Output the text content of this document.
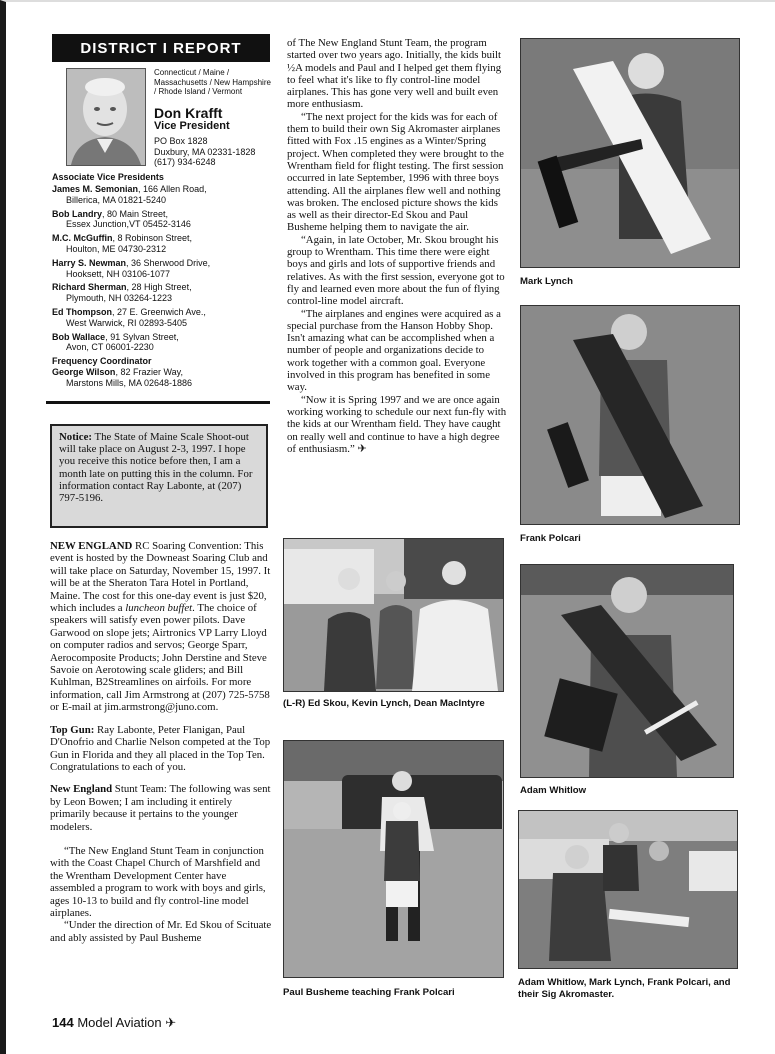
DISTRICT I REPORT
Connecticut / Maine / Massachusetts / New Hampshire / Rhode Island / Vermont
Don Krafft
Vice President
PO Box 1828
Duxbury, MA 02331-1828
(617) 934-6248
Associate Vice Presidents
James M. Semonian, 166 Allen Road,
Billerica, MA 01821-5240
Bob Landry, 80 Main Street,
Essex Junction,VT 05452-3146
M.C. McGuffin, 8 Robinson Street,
Houlton, ME 04730-2312
Harry S. Newman, 36 Sherwood Drive,
Hooksett, NH 03106-1077
Richard Sherman, 28 High Street,
Plymouth, NH 03264-1223
Ed Thompson, 27 E. Greenwich Ave.,
West Warwick, RI 02893-5405
Bob Wallace, 91 Sylvan Street,
Avon, CT 06001-2230
Frequency Coordinator
George Wilson, 82 Frazier Way,
Marstons Mills, MA 02648-1886
Notice: The State of Maine Scale Shoot-out will take place on August 2-3, 1997. I hope you receive this notice before then, I am a month late on putting this in the column. For information contact Ray Labonte, at (207) 797-5196.

NEW ENGLAND RC Soaring Convention: This event is hosted by the Downeast Soaring Club and will take place on Saturday, November 15, 1997. It will be at the Sheraton Tara Hotel in Portland, Maine. The cost for this one-day event is just $20, which includes a luncheon buffet. The choice of speakers will satisfy even power pilots. Dave Garwood on slope jets; Airtronics VP Larry Lloyd on computer radios and servos; George Sparr, Aerocomposite Products; John Derstine and Steve Savoie on Aerotowing scale gliders; and Bill Kuhlman, B2Streamlines on airfoils. For more information, call Jim Armstrong at (207) 725-5758 or E-mail at jim.armstrong@juno.com.

Top Gun: Ray Labonte, Peter Flanigan, Paul D'Onofrio and Charlie Nelson competed at the Top Gun in Florida and they all placed in the Top Ten. Congratulations to each of you.

New England Stunt Team: The following was sent by Leon Bowen; I am including it entirely primarily because it pertains to the younger modelers.

“The New England Stunt Team in conjunction with the Coast Chapel Church of Marshfield and the Wrentham Development Center have assembled a program to work with boys and girls, ages 10-13 to build and fly control-line model airplanes.

“Under the direction of Mr. Ed Skou of Scituate and ably assisted by Paul Busheme

of The New England Stunt Team, the program started over two years ago. Initially, the kids built ½A models and Paul and I helped get them flying to feel what it's like to fly control-line model airplanes. This has gone very well and built even more enthusiasm.

“The next project for the kids was for each of them to build their own Sig Akromaster airplanes fitted with Fox .15 engines as a Winter/Spring project. When completed they were brought to the Wrentham field for flight testing. The first session occurred in late September, 1996 with three boys attending. All the airplanes flew well and nothing was broken. The enclosed picture shows the kids as well as their director-Ed Skou and Paul Busheme helping them to navigate the air.

“Again, in late October, Mr. Skou brought his group to Wrentham. This time there were eight boys and girls and lots of supportive friends and relatives. As with the first session, everyone got to fly and learned even more about the fun of flying control-line model aircraft.

“The airplanes and engines were acquired as a special purchase from the Hanson Hobby Shop. Isn't amazing what can be accomplished when a number of people and organizations decide to work together with a common goal. Everyone involved in this program has benefited in some way.

“Now it is Spring 1997 and we are once again working working to schedule our next fun-fly with the kids at our Wrentham field. They have caught on really well and continue to have a high degree of enthusiasm.” ✈

(L-R) Ed Skou, Kevin Lynch, Dean MacIntyre
Paul Busheme teaching Frank Polcari
Mark Lynch
Frank Polcari
Adam Whitlow
Adam Whitlow, Mark Lynch, Frank Polcari, and their Sig Akromaster.
144 Model Aviation ✈
